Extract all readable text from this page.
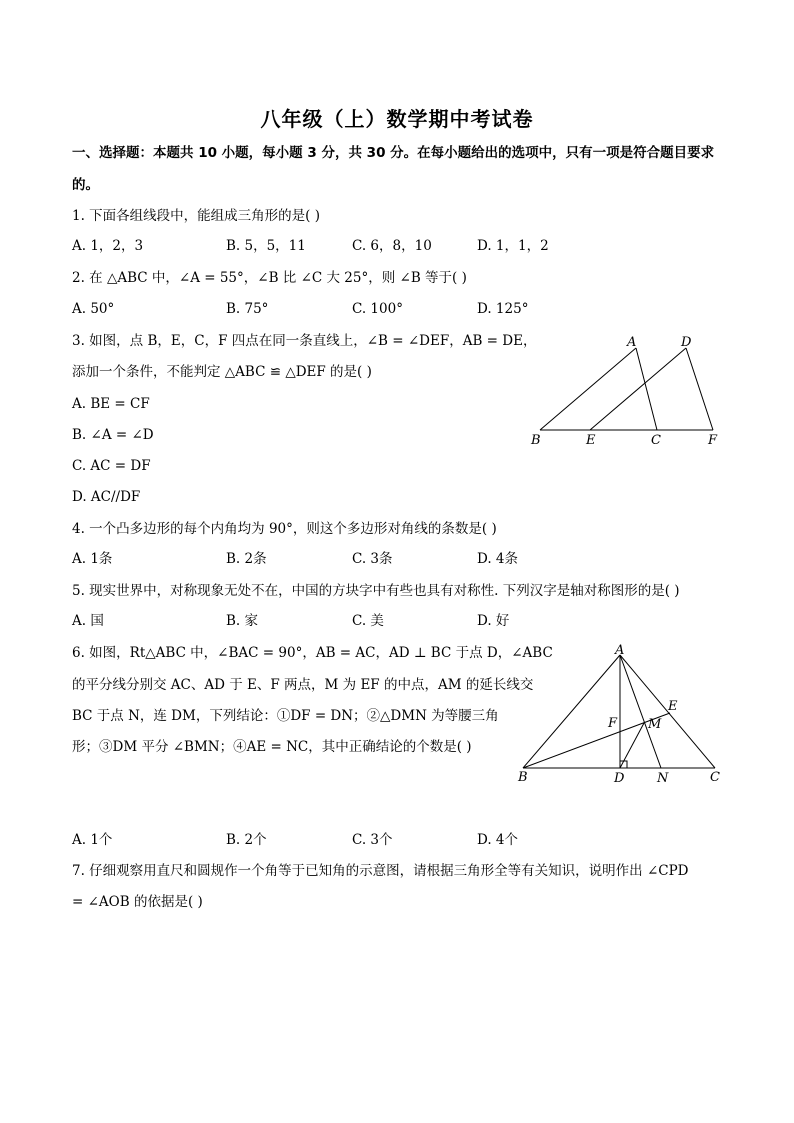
八年级（上）数学期中考试卷
一、选择题：本题共 10 小题，每小题 3 分，共 30 分。在每小题给出的选项中，只有一项是符合题目要求
的。
1. 下面各组线段中，能组成三角形的是( )
A. 1，2，3	B. 5，5，11	C. 6，8，10	D. 1，1，2
2. 在 △ABC 中，∠A = 55°，∠B 比 ∠C 大 25°，则 ∠B 等于( )
A. 50°	B. 75°	C. 100°	D. 125°
3. 如图，点 B，E，C，F 四点在同一条直线上，∠B = ∠DEF，AB = DE，
添加一个条件，不能判定 △ABC ≌ △DEF 的是( )
A. BE = CF
B. ∠A = ∠D
C. AC = DF
D. AC//DF
A	D
B	E	C	F
4. 一个凸多边形的每个内角均为 90°，则这个多边形对角线的条数是( )
A. 1条	B. 2条	C. 3条	D. 4条
5. 现实世界中，对称现象无处不在，中国的方块字中有些也具有对称性. 下列汉字是轴对称图形的是( )
A. 国	B. 家	C. 美	D. 好
6. 如图，Rt△ABC 中，∠BAC = 90°，AB = AC，AD ⊥ BC 于点 D，∠ABC
的平分线分别交 AC、AD 于 E、F 两点，M 为 EF 的中点，AM 的延长线交
BC 于点 N，连 DM，下列结论：①DF = DN；②△DMN 为等腰三角
形；③DM 平分 ∠BMN；④AE = NC，其中正确结论的个数是( )
A
E
F M
B	D	N	C
A. 1个	B. 2个	C. 3个	D. 4个
7. 仔细观察用直尺和圆规作一个角等于已知角的示意图，请根据三角形全等有关知识，说明作出 ∠CPD
= ∠AOB 的依据是( )
